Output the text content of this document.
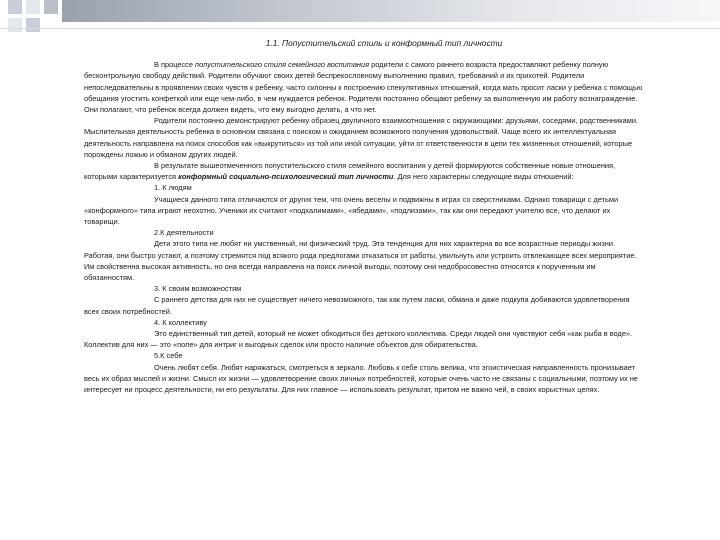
1.1. Попустительский стиль и конформный тип личности

В процессе попустительского стиля семейного воспитания родители с самого раннего возраста предоставляют ребенку полную бесконтрольную свободу действий. Родители обучают своих детей беспрекословному выполнению правил, требований и их прихотей. Родители непоследовательны в проявлении своих чувств к ребенку, часто склонны к построению спекулятивных отношений, когда мать просит ласки у ребенка с помощью обещания угостить конфеткой или еще чем-либо, в чем нуждается ребенок. Родители постоянно обещают ребенку за выполненную им работу вознаграждение. Они полагают, что ребенок всегда должен видеть, что ему выгодно делать, а что нет.

Родители постоянно демонстрируют ребенку образец двуличного взаимоотношения с окружающими: друзьями, соседями, родственниками. Мыслительная деятельность ребенка в основном связана с поиском и ожиданием возможного получения удовольствий. Чаще всего их интеллектуальная деятельность направлена на поиск способов как «выкрутиться» из той или иной ситуации, уйти от ответственности в цепи тех жизненных отношений, которые порождены ложью и обманом других людей.

В результате вышеотмеченного попустительского стиля семейного воспитания у детей формируются собственные новые отношения, которыми характеризуется конформный социально-психологический тип личности. Для него характерны следующие виды отношений:

1. К людям

Учащиеся данного типа отличаются от других тем, что очень веселы и подвижны в играх со сверстниками. Однако товарищи с детьми «конформного» типа играют неохотно. Ученики их считают «подхалимами», «ябедами», «подлизами», так как они передают учителю все, что делают их товарищи.

2.К деятельности

Дети этого типа не любят ни умственный, ни физический труд. Эта тенденция для них характерна во все возрастные периоды жизни. Работая, они быстро устают, а поэтому стремятся под всякого рода предлогами отказаться от работы, увильнуть или устроить отвлекающее всех мероприятие. Им свойственна высокая активность, но она всегда направлена на поиск личной выгоды, поэтому они недобросовестно относятся к порученным им обязанностям.

3. К своим возможностям

С раннего детства для них не существует ничего невозможного, так как путем ласки, обмана и даже подкупа добиваются удовлетворения всех своих потребностей.

4. К коллективу

Это единственный тип детей, который не может обходиться без детского коллектива. Среди людей они чувствуют себя «как рыба в воде». Коллектив для них — это «поле» для интриг и выгодных сделок или просто наличие объектов для обирательства.

5.К себе

Очень любят себя. Любят наряжаться, смотреться в зеркало. Любовь к себе столь велика, что эгоистическая направленность пронизывает весь их образ мыслей и жизни. Смысл их жизни — удовлетворение своих личных потребностей, которые очень часто не связаны с социальными, поэтому их не интересует ни процесс деятельности, ни его результаты. Для них главное — использовать результат, притом не важно чей, в своих корыстных целях.
